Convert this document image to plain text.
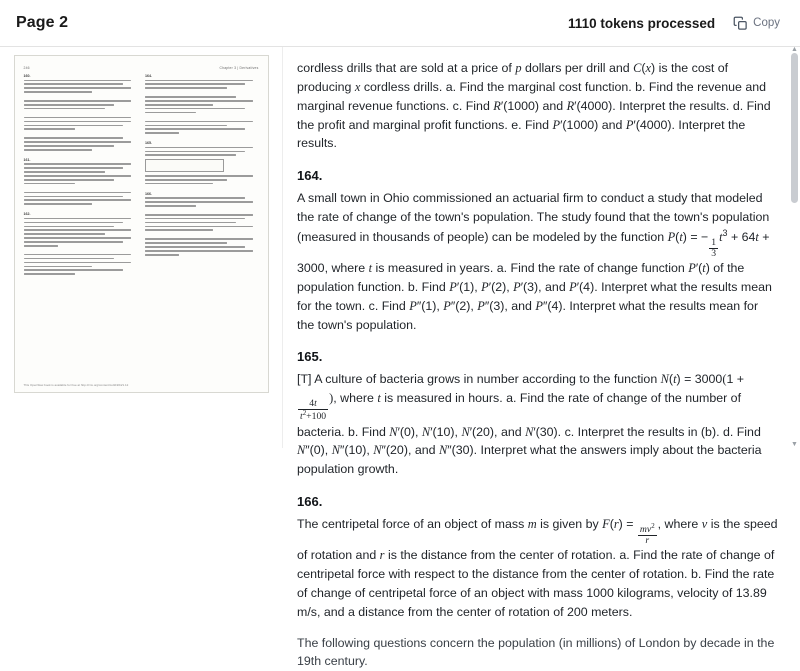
Page 2	1110 tokens processed	Copy
246	Chapter 3 | Derivatives
160.
161.
162.
164.
165.
166.
This OpenStax book is available for free at http://cnx.org/content/col11964/1.12

cordless drills that are sold at a price of p dollars per drill and C(x) is the cost of producing x cordless drills. a. Find the marginal cost function. b. Find the revenue and marginal revenue functions. c. Find R′(1000) and R′(4000). Interpret the results. d. Find the profit and marginal profit functions. e. Find P′(1000) and P′(4000). Interpret the results.

164.

A small town in Ohio commissioned an actuarial firm to conduct a study that modeled the rate of change of the town's population. The study found that the town's population (measured in thousands of people) can be modeled by the function P(t) = −
$\frac{1}{3}$
$t^3 + 64t + 3000$, where t is measured in years. a. Find the rate of change function P′(t) of the population function. b. Find P′(1), P′(2), P′(3), and P′(4). Interpret what the results mean for the town. c. Find P″(1), P″(2), P″(3), and P″(4). Interpret what the results mean for the town's population.

165.

[T] A culture of bacteria grows in number according to the function N(t) = 3000(1 +
$\frac{4t}{t^2+100}$
), where t is measured in hours. a. Find the rate of change of the number of bacteria. b. Find N′(0), N′(10), N′(20), and N′(30). c. Interpret the results in (b). d. Find N″(0), N″(10), N″(20), and N″(30). Interpret what the answers imply about the bacteria population growth.

166.

The centripetal force of an object of mass m is given by $F(r) = \frac{mv^2}{r}$ , where v is the speed of rotation and r is the distance from the center of rotation. a. Find the rate of change of centripetal force with respect to the distance from the center of rotation. b. Find the rate of change of centripetal force of an object with mass 1000 kilograms, velocity of 13.89 m/s, and a distance from the center of rotation of 200 meters.

The following questions concern the population (in millions) of London by decade in the 19th century.

▲
▼
